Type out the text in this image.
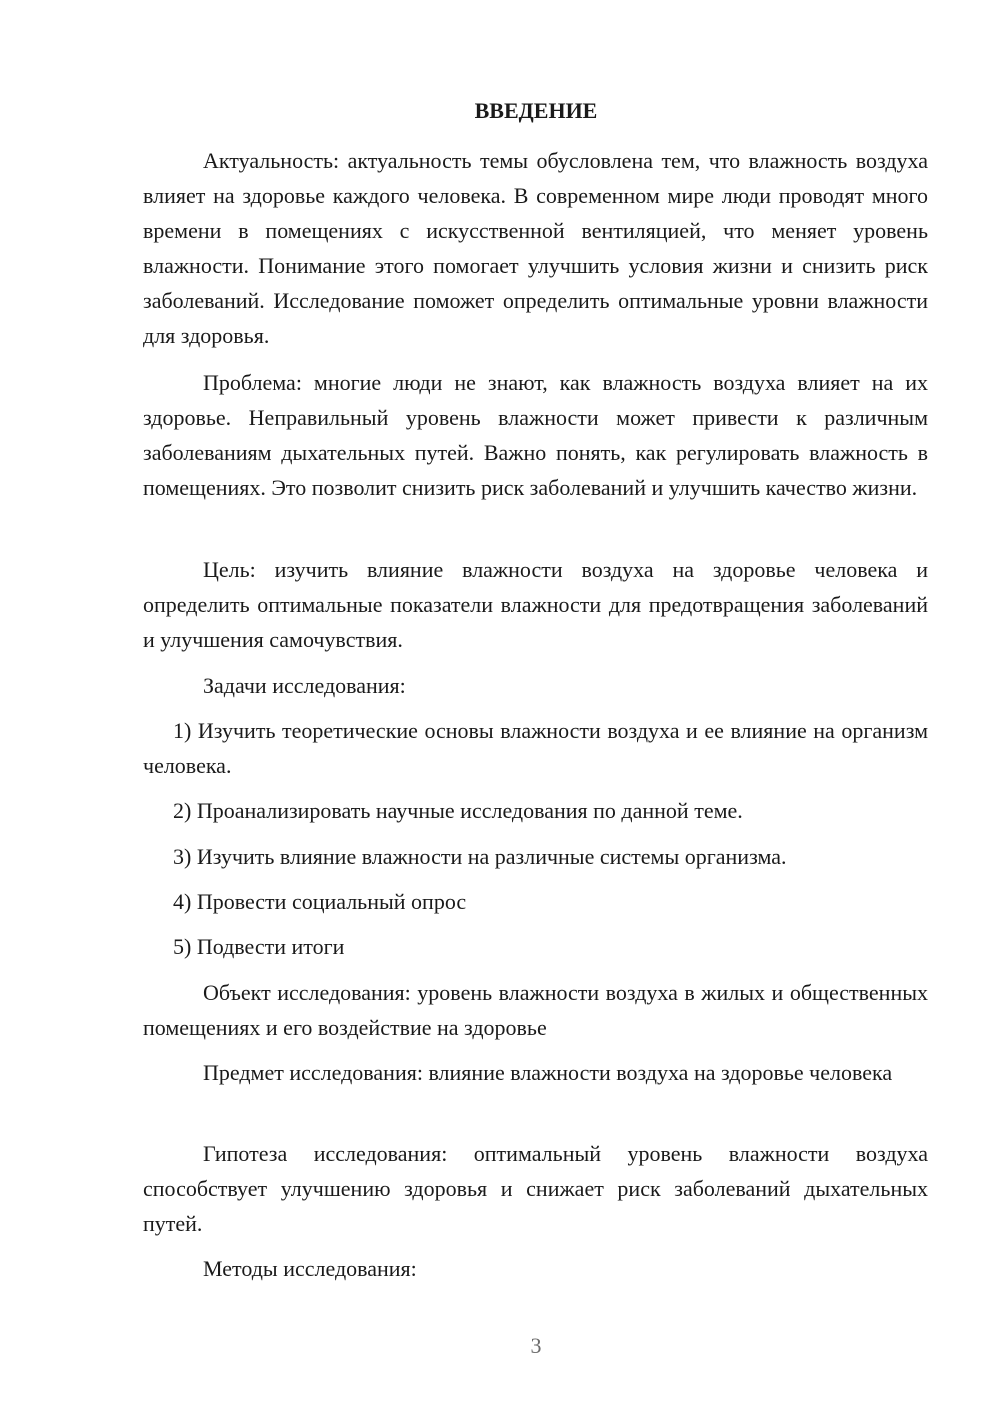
ВВЕДЕНИЕ

Актуальность: актуальность темы обусловлена тем, что влажность воздуха влияет на здоровье каждого человека. В современном мире люди проводят много времени в помещениях с искусственной вентиляцией, что меняет уровень влажности. Понимание этого помогает улучшить условия жизни и снизить риск заболеваний. Исследование поможет определить оптимальные уровни влажности для здоровья.

Проблема: многие люди не знают, как влажность воздуха влияет на их здоровье. Неправильный уровень влажности может привести к различным заболеваниям дыхательных путей. Важно понять, как регулировать влажность в помещениях. Это позволит снизить риск заболеваний и улучшить качество жизни.

Цель: изучить влияние влажности воздуха на здоровье человека и определить оптимальные показатели влажности для предотвращения заболеваний и улучшения самочувствия.

Задачи исследования:

1) Изучить теоретические основы влажности воздуха и ее влияние на организм человека.

2) Проанализировать научные исследования по данной теме.

3) Изучить влияние влажности на различные системы организма.

4) Провести социальный опрос

5) Подвести итоги

Объект исследования: уровень влажности воздуха в жилых и общественных помещениях и его воздействие на здоровье

Предмет исследования: влияние влажности воздуха на здоровье человека

Гипотеза исследования: оптимальный уровень влажности воздуха способствует улучшению здоровья и снижает риск заболеваний дыхательных путей.

Методы исследования:

3
